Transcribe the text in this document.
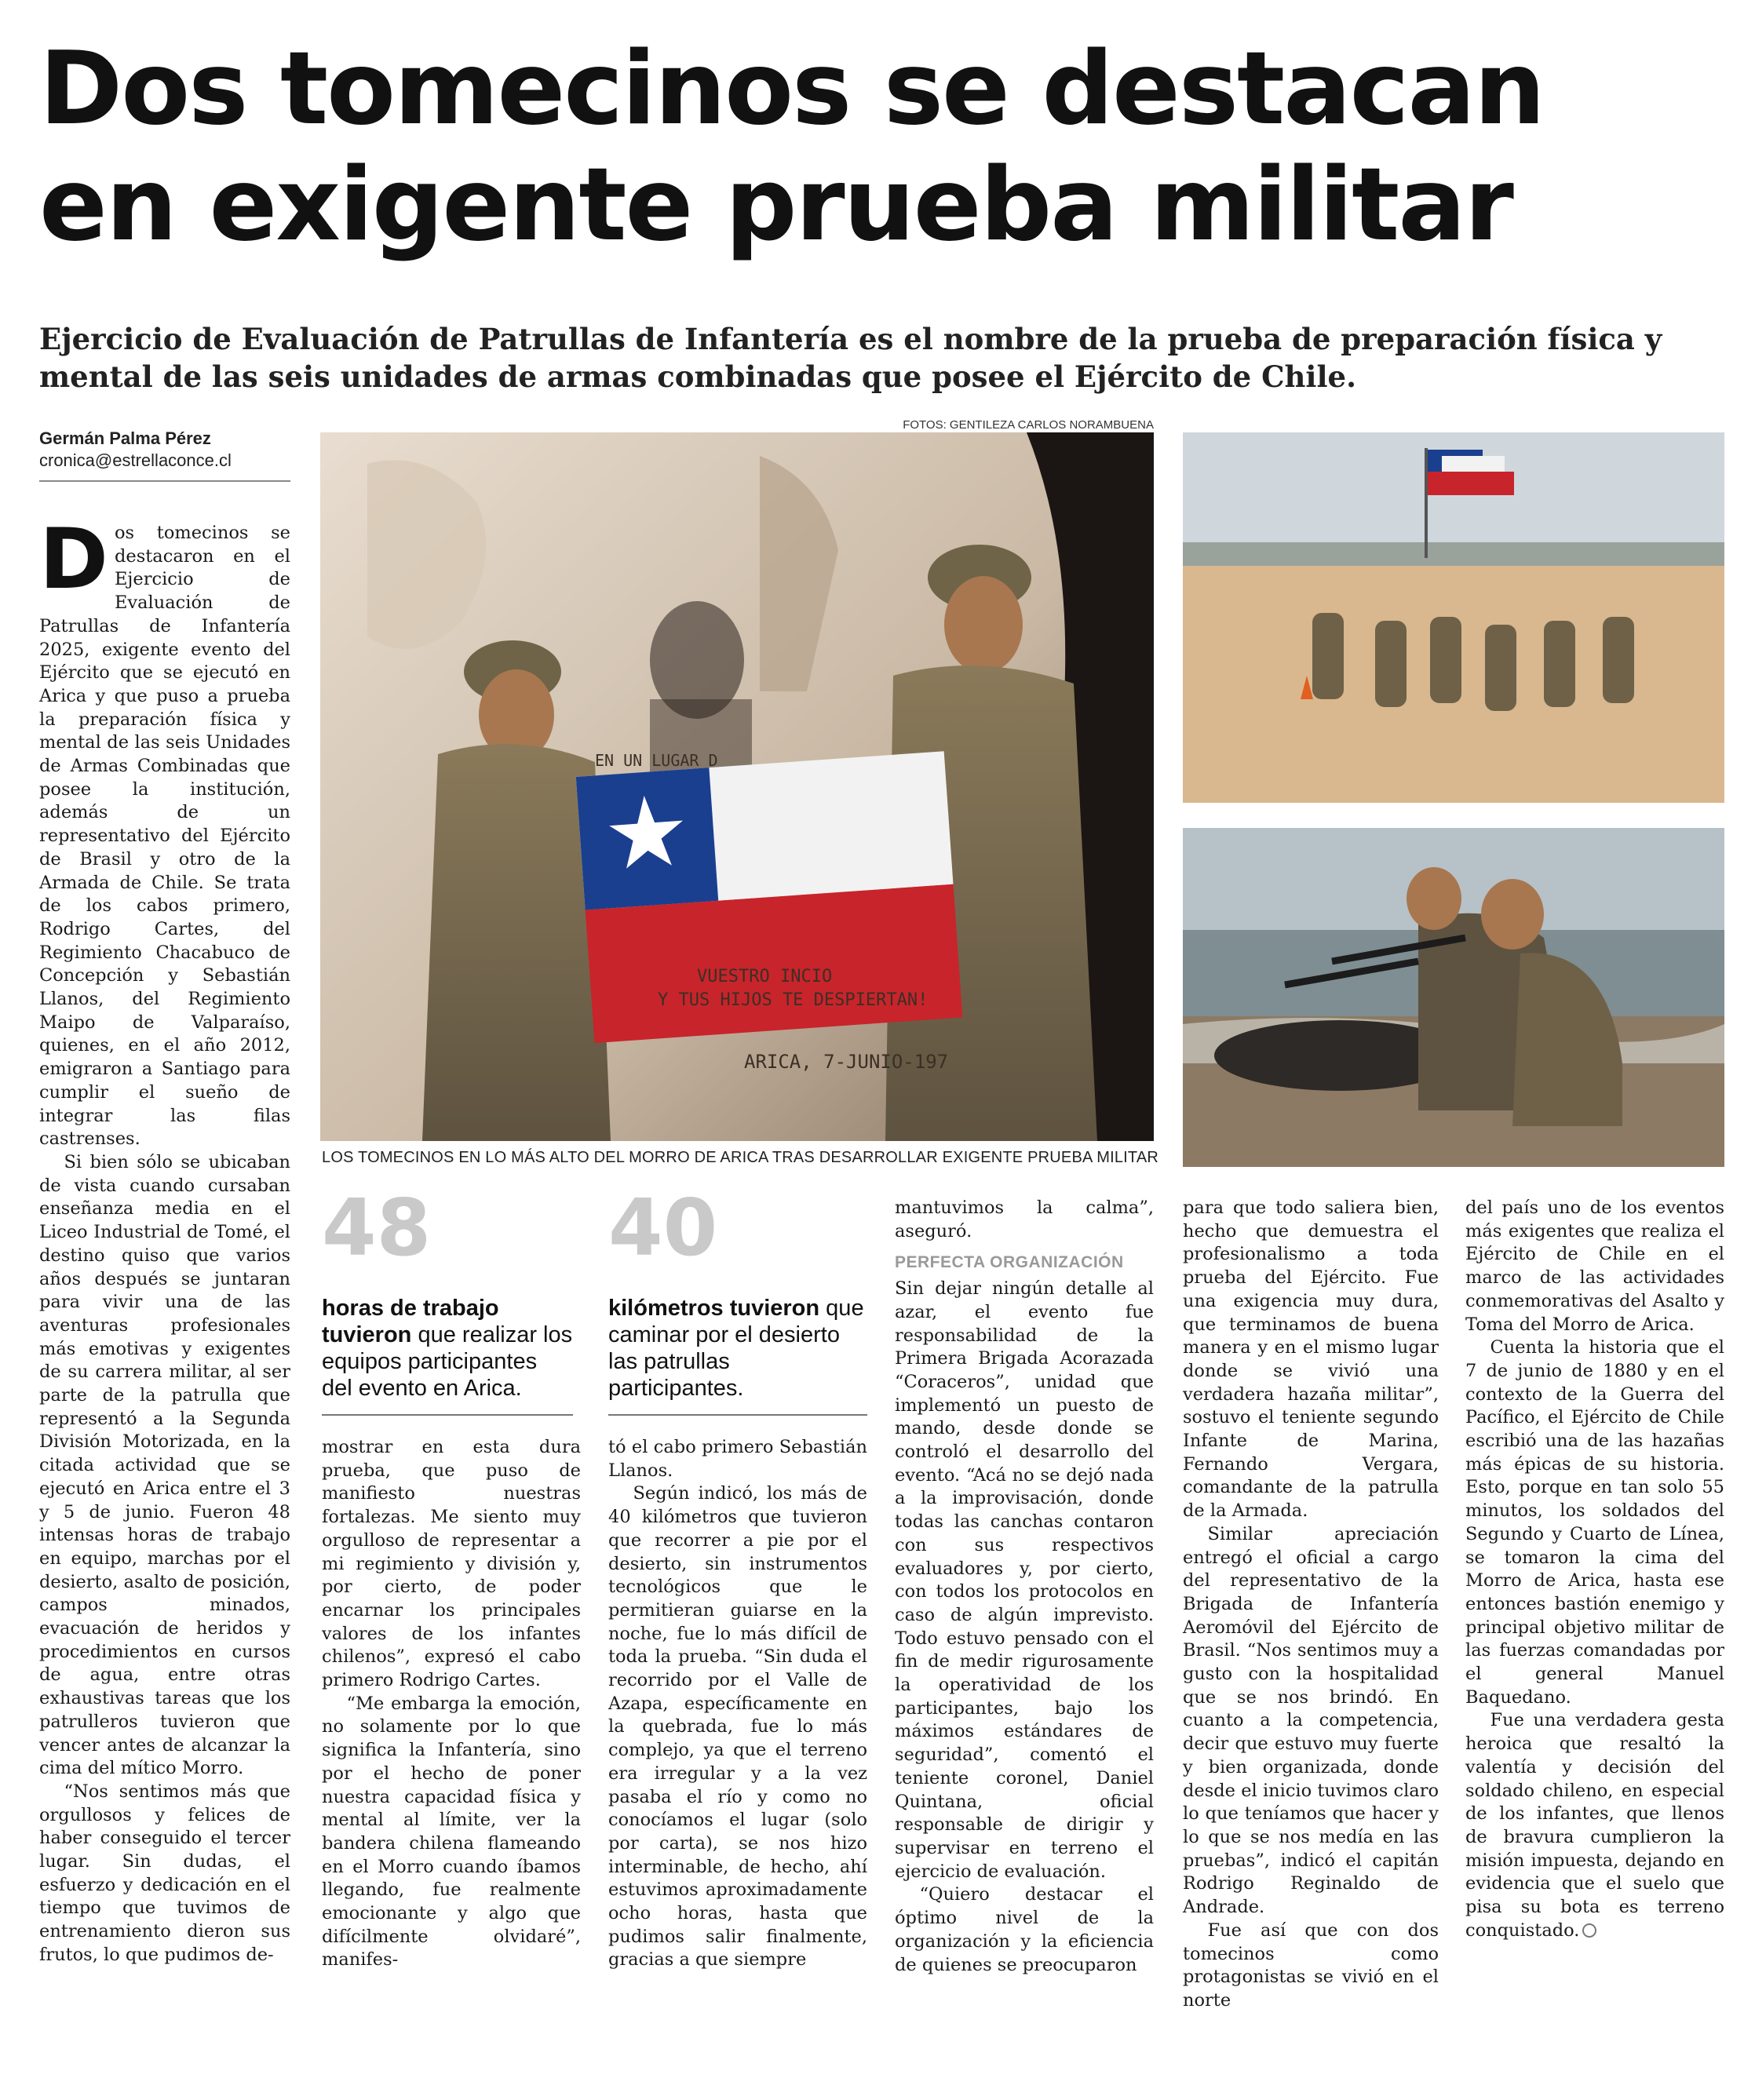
Dos tomecinos se destacan
en exigente prueba militar
Ejercicio de Evaluación de Patrullas de Infantería es el nombre de la prueba de preparación física y mental de las seis unidades de armas combinadas que posee el Ejército de Chile.
Germán Palma Pérez
cronica@estrellaconce.cl
FOTOS: GENTILEZA CARLOS NORAMBUENA
EN UN LUGAR D
VUESTRO INCIO
Y TUS HIJOS TE DESPIERTAN!
ARICA, 7-JUNIO-197
LOS TOMECINOS EN LO MÁS ALTO DEL MORRO DE ARICA TRAS DESARROLLAR EXIGENTE PRUEBA MILITAR

Dos tomecinos se destacaron en el Ejercicio de Evaluación de Patrullas de Infantería 2025, exigente evento del Ejército que se ejecutó en Arica y que puso a prueba la preparación física y mental de las seis Unidades de Armas Combinadas que posee la institución, además de un representativo del Ejército de Brasil y otro de la Armada de Chile. Se trata de los cabos primero, Rodrigo Cartes, del Regimiento Chacabuco de Concepción y Sebastián Llanos, del Regimiento Maipo de Valparaíso, quienes, en el año 2012, emigraron a Santiago para cumplir el sueño de integrar las filas castrenses.

Si bien sólo se ubicaban de vista cuando cursaban enseñanza media en el Liceo Industrial de Tomé, el destino quiso que varios años después se juntaran para vivir una de las aventuras profesionales más emotivas y exigentes de su carrera militar, al ser parte de la patrulla que representó a la Segunda División Motorizada, en la citada actividad que se ejecutó en Arica entre el 3 y 5 de junio. Fueron 48 intensas horas de trabajo en equipo, marchas por el desierto, asalto de posición, campos minados, evacuación de heridos y procedimientos en cursos de agua, entre otras exhaustivas tareas que los patrulleros tuvieron que vencer antes de alcanzar la cima del mítico Morro.

“Nos sentimos más que orgullosos y felices de haber conseguido el tercer lugar. Sin dudas, el esfuerzo y dedicación en el tiempo que tuvimos de entrenamiento dieron sus frutos, lo que pudimos de-

48
horas de trabajo tuvieron que realizar los equipos participantes del evento en Arica.
40
kilómetros tuvieron que caminar por el desierto las patrullas participantes.

mostrar en esta dura prueba, que puso de manifiesto nuestras fortalezas. Me siento muy orgulloso de representar a mi regimiento y división y, por cierto, de poder encarnar los principales valores de los infantes chilenos”, expresó el cabo primero Rodrigo Cartes.

“Me embarga la emoción, no solamente por lo que significa la Infantería, sino por el hecho de poner nuestra capacidad física y mental al límite, ver la bandera chilena flameando en el Morro cuando íbamos llegando, fue realmente emocionante y algo que difícilmente olvidaré”, manifes-

tó el cabo primero Sebastián Llanos.

Según indicó, los más de 40 kilómetros que tuvieron que recorrer a pie por el desierto, sin instrumentos tecnológicos que le permitieran guiarse en la noche, fue lo más difícil de toda la prueba. “Sin duda el recorrido por el Valle de Azapa, específicamente en la quebrada, fue lo más complejo, ya que el terreno era irregular y a la vez pasaba el río y como no conocíamos el lugar (solo por carta), se nos hizo interminable, de hecho, ahí estuvimos aproximadamente ocho horas, hasta que pudimos salir finalmente, gracias a que siempre

mantuvimos la calma”, aseguró.

PERFECTA ORGANIZACIÓN

Sin dejar ningún detalle al azar, el evento fue responsabilidad de la Primera Brigada Acorazada “Coraceros”, unidad que implementó un puesto de mando, desde donde se controló el desarrollo del evento. “Acá no se dejó nada a la improvisación, donde todas las canchas contaron con sus respectivos evaluadores y, por cierto, con todos los protocolos en caso de algún imprevisto. Todo estuvo pensado con el fin de medir rigurosamente la operatividad de los participantes, bajo los máximos estándares de seguridad”, comentó el teniente coronel, Daniel Quintana, oficial responsable de dirigir y supervisar en terreno el ejercicio de evaluación.

“Quiero destacar el óptimo nivel de la organización y la eficiencia de quienes se preocuparon

para que todo saliera bien, hecho que demuestra el profesionalismo a toda prueba del Ejército. Fue una exigencia muy dura, que terminamos de buena manera y en el mismo lugar donde se vivió una verdadera hazaña militar”, sostuvo el teniente segundo Infante de Marina, Fernando Vergara, comandante de la patrulla de la Armada.

Similar apreciación entregó el oficial a cargo del representativo de la Brigada de Infantería Aeromóvil del Ejército de Brasil. “Nos sentimos muy a gusto con la hospitalidad que se nos brindó. En cuanto a la competencia, decir que estuvo muy fuerte y bien organizada, donde desde el inicio tuvimos claro lo que teníamos que hacer y lo que se nos medía en las pruebas”, indicó el capitán Rodrigo Reginaldo de Andrade.

Fue así que con dos tomecinos como protagonistas se vivió en el norte

del país uno de los eventos más exigentes que realiza el Ejército de Chile en el marco de las actividades conmemorativas del Asalto y Toma del Morro de Arica.

Cuenta la historia que el 7 de junio de 1880 y en el contexto de la Guerra del Pacífico, el Ejército de Chile escribió una de las hazañas más épicas de su historia. Esto, porque en tan solo 55 minutos, los soldados del Segundo y Cuarto de Línea, se tomaron la cima del Morro de Arica, hasta ese entonces bastión enemigo y principal objetivo militar de las fuerzas comandadas por el general Manuel Baquedano.

Fue una verdadera gesta heroica que resaltó la valentía y decisión del soldado chileno, en especial de los infantes, que llenos de bravura cumplieron la misión impuesta, dejando en evidencia que el suelo que pisa su bota es terreno conquistado.
